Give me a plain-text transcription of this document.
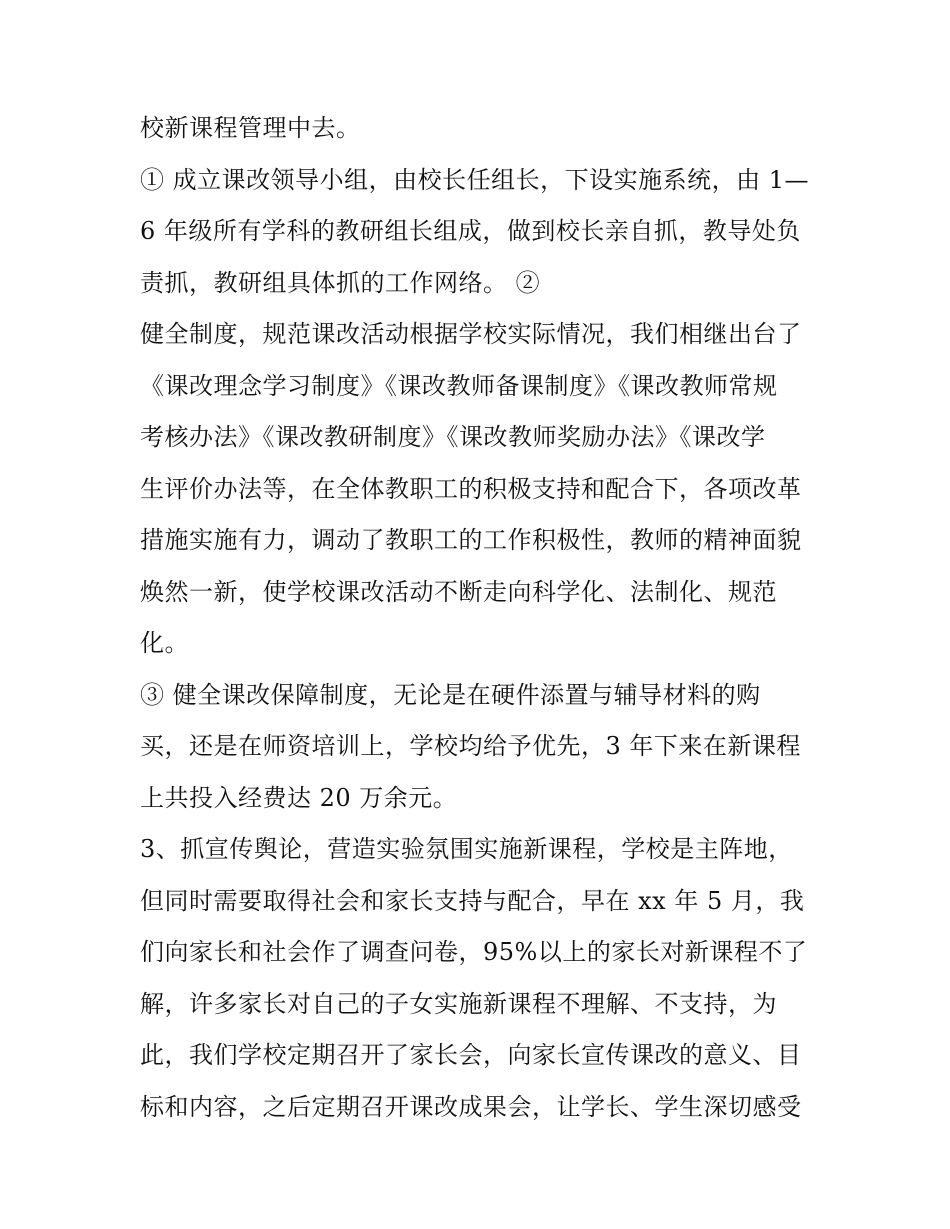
校新课程管理中去。
① 成立课改领导小组，由校长任组长，下设实施系统，由 1—
6 年级所有学科的教研组长组成，做到校长亲自抓，教导处负
责抓，教研组具体抓的工作网络。 ②
健全制度，规范课改活动根据学校实际情况，我们相继出台了
《课改理念学习制度》《课改教师备课制度》《课改教师常规
考核办法》《课改教研制度》《课改教师奖励办法》《课改学
生评价办法等，在全体教职工的积极支持和配合下，各项改革
措施实施有力，调动了教职工的工作积极性，教师的精神面貌
焕然一新，使学校课改活动不断走向科学化、法制化、规范
化。
③ 健全课改保障制度，无论是在硬件添置与辅导材料的购
买，还是在师资培训上，学校均给予优先，3 年下来在新课程
上共投入经费达 20 万余元。
3、抓宣传舆论，营造实验氛围实施新课程，学校是主阵地，
但同时需要取得社会和家长支持与配合，早在 xx 年 5 月，我
们向家长和社会作了调查问卷，95%以上的家长对新课程不了
解，许多家长对自己的子女实施新课程不理解、不支持，为
此，我们学校定期召开了家长会，向家长宣传课改的意义、目
标和内容，之后定期召开课改成果会，让学长、学生深切感受
